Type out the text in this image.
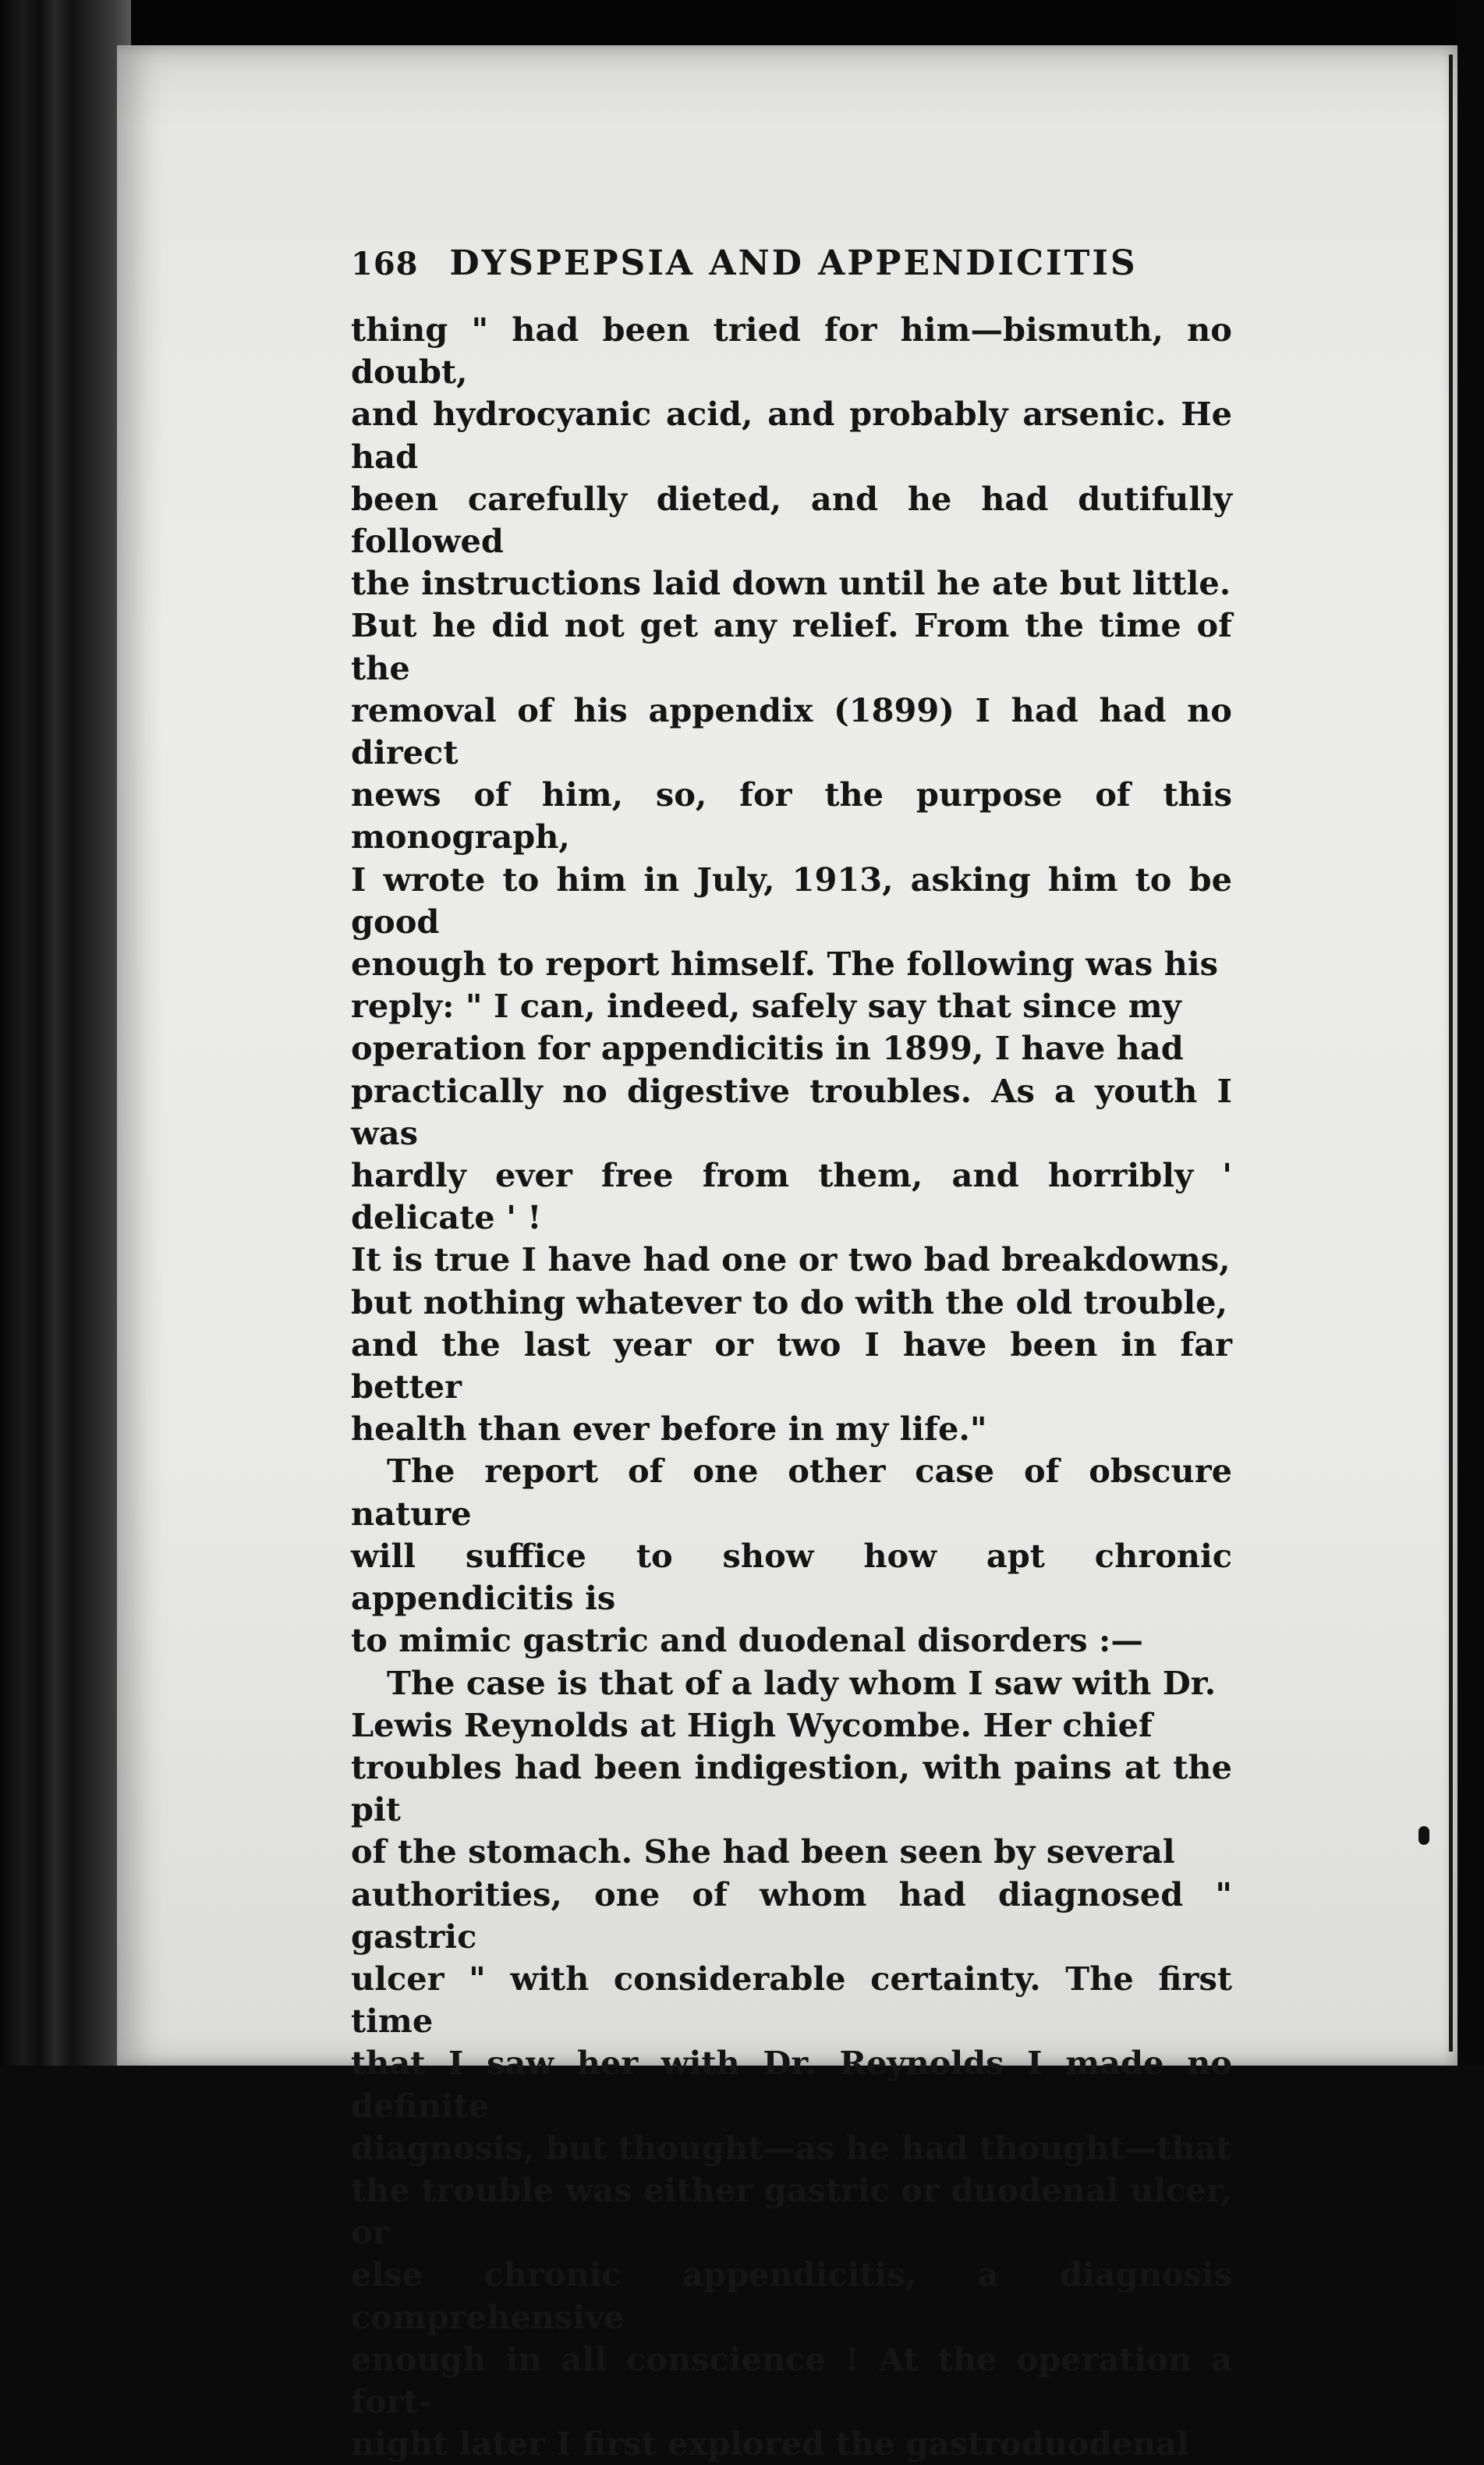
168 DYSPEPSIA AND APPENDICITIS

thing " had been tried for him—bismuth, no doubt,
and hydrocyanic acid, and probably arsenic. He had
been carefully dieted, and he had dutifully followed
the instructions laid down until he ate but little.
But he did not get any relief. From the time of the
removal of his appendix (1899) I had had no direct
news of him, so, for the purpose of this monograph,
I wrote to him in July, 1913, asking him to be good
enough to report himself. The following was his
reply: " I can, indeed, safely say that since my
operation for appendicitis in 1899, I have had
practically no digestive troubles. As a youth I was
hardly ever free from them, and horribly ' delicate ' !
It is true I have had one or two bad breakdowns,
but nothing whatever to do with the old trouble,
and the last year or two I have been in far better
health than ever before in my life."

The report of one other case of obscure nature
will suffice to show how apt chronic appendicitis is
to mimic gastric and duodenal disorders :—

The case is that of a lady whom I saw with Dr.
Lewis Reynolds at High Wycombe. Her chief
troubles had been indigestion, with pains at the pit
of the stomach. She had been seen by several
authorities, one of whom had diagnosed " gastric
ulcer " with considerable certainty. The first time
that I saw her with Dr. Reynolds I made no definite
diagnosis, but thought—as he had thought—that
the trouble was either gastric or duodenal ulcer, or
else chronic appendicitis, a diagnosis comprehensive
enough in all conscience ! At the operation a fort-
night later I first explored the gastroduodenal
